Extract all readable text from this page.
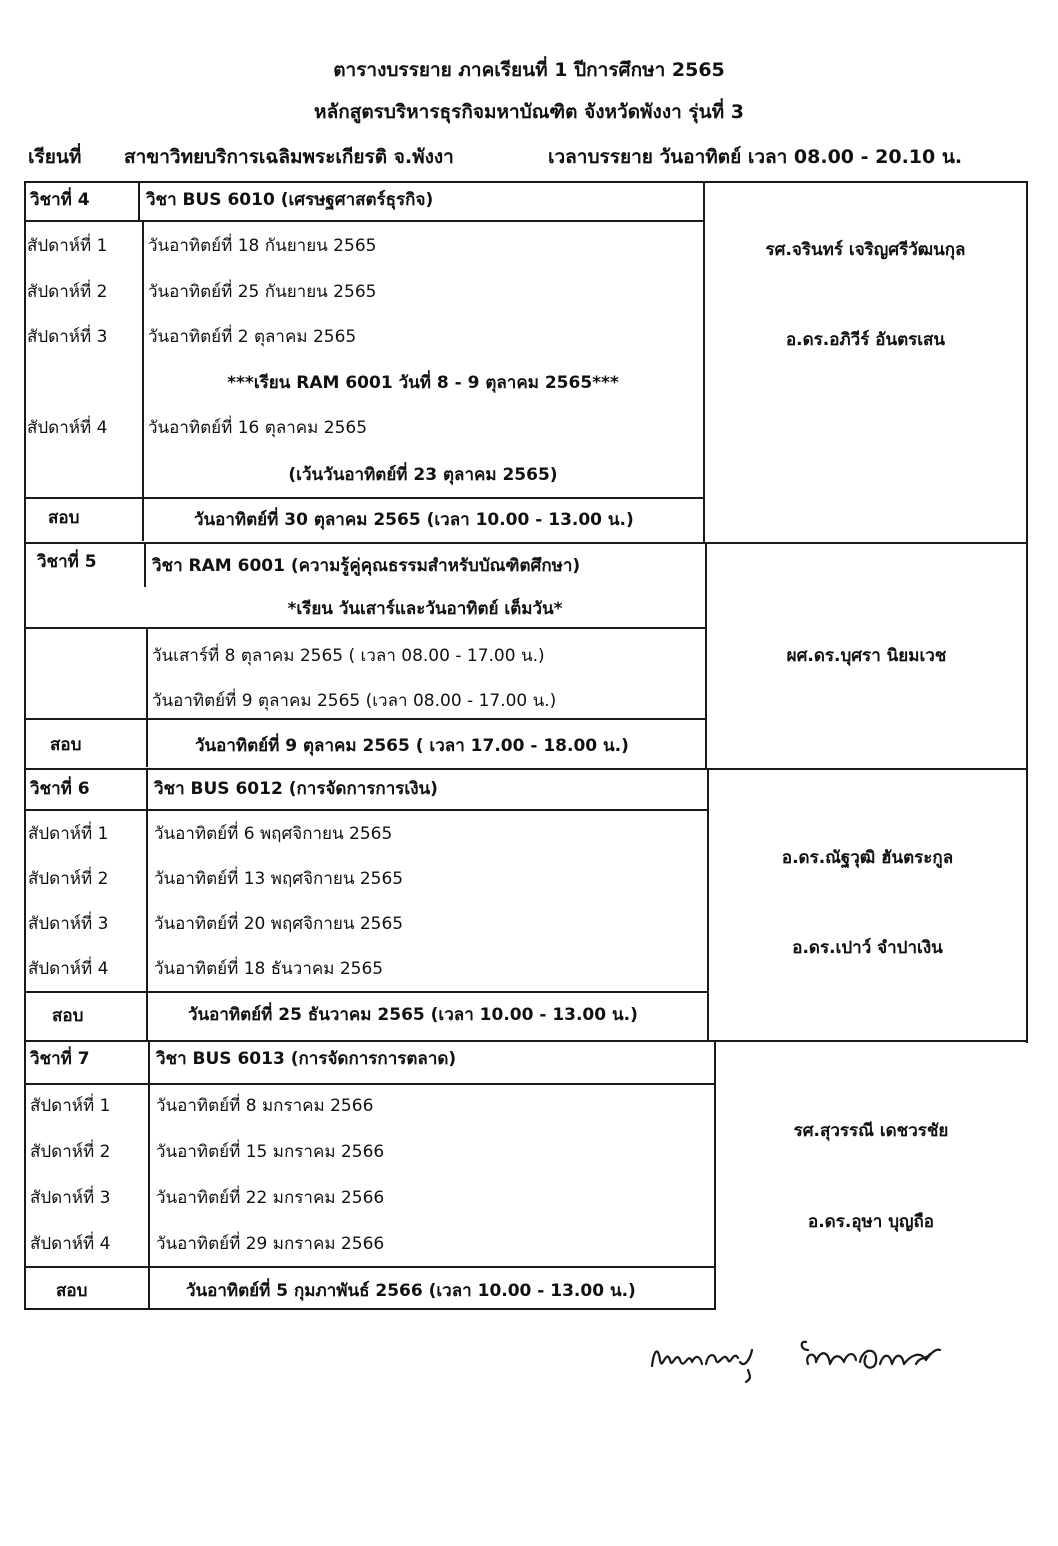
ตารางบรรยาย ภาคเรียนที่ 1 ปีการศึกษา 2565
หลักสูตรบริหารธุรกิจมหาบัณฑิต จังหวัดพังงา รุ่นที่ 3
เรียนที่ สาขาวิทยบริการเฉลิมพระเกียรติ จ.พังงา	เวลาบรรยาย วันอาทิตย์ เวลา 08.00 - 20.10 น.
วิชาที่ 4	วิชา BUS 6010 (เศรษฐศาสตร์ธุรกิจ)
สัปดาห์ที่ 1 วันอาทิตย์ที่ 18 กันยายน 2565
สัปดาห์ที่ 2 วันอาทิตย์ที่ 25 กันยายน 2565
สัปดาห์ที่ 3 วันอาทิตย์ที่ 2 ตุลาคม 2565
***เรียน RAM 6001 วันที่ 8 - 9 ตุลาคม 2565***
สัปดาห์ที่ 4 วันอาทิตย์ที่ 16 ตุลาคม 2565
(เว้นวันอาทิตย์ที่ 23 ตุลาคม 2565)
สอบ	วันอาทิตย์ที่ 30 ตุลาคม 2565 (เวลา 10.00 - 13.00 น.)
รศ.จรินทร์ เจริญศรีวัฒนกุล
อ.ดร.อภิวีร์ อันตรเสน
วิชาที่ 5	วิชา RAM 6001 (ความรู้คู่คุณธรรมสำหรับบัณฑิตศึกษา)
*เรียน วันเสาร์และวันอาทิตย์ เต็มวัน*
วันเสาร์ที่ 8 ตุลาคม 2565 ( เวลา 08.00 - 17.00 น.)
วันอาทิตย์ที่ 9 ตุลาคม 2565 (เวลา 08.00 - 17.00 น.)
สอบ	วันอาทิตย์ที่ 9 ตุลาคม 2565 ( เวลา 17.00 - 18.00 น.)
ผศ.ดร.บุศรา นิยมเวช
วิชาที่ 6	วิชา BUS 6012 (การจัดการการเงิน)
สัปดาห์ที่ 1	วันอาทิตย์ที่ 6 พฤศจิกายน 2565
สัปดาห์ที่ 2	วันอาทิตย์ที่ 13 พฤศจิกายน 2565
สัปดาห์ที่ 3	วันอาทิตย์ที่ 20 พฤศจิกายน 2565
สัปดาห์ที่ 4	วันอาทิตย์ที่ 18 ธันวาคม 2565
สอบ	วันอาทิตย์ที่ 25 ธันวาคม 2565 (เวลา 10.00 - 13.00 น.)
อ.ดร.ณัฐวุฒิ ฮันตระกูล
อ.ดร.เปาว์ จำปาเงิน
วิชาที่ 7	วิชา BUS 6013 (การจัดการการตลาด)
สัปดาห์ที่ 1	วันอาทิตย์ที่ 8 มกราคม 2566
สัปดาห์ที่ 2	วันอาทิตย์ที่ 15 มกราคม 2566
สัปดาห์ที่ 3	วันอาทิตย์ที่ 22 มกราคม 2566
สัปดาห์ที่ 4	วันอาทิตย์ที่ 29 มกราคม 2566
สอบ	วันอาทิตย์ที่ 5 กุมภาพันธ์ 2566 (เวลา 10.00 - 13.00 น.)
รศ.สุวรรณี เดชวรชัย
อ.ดร.อุษา บุญถือ
